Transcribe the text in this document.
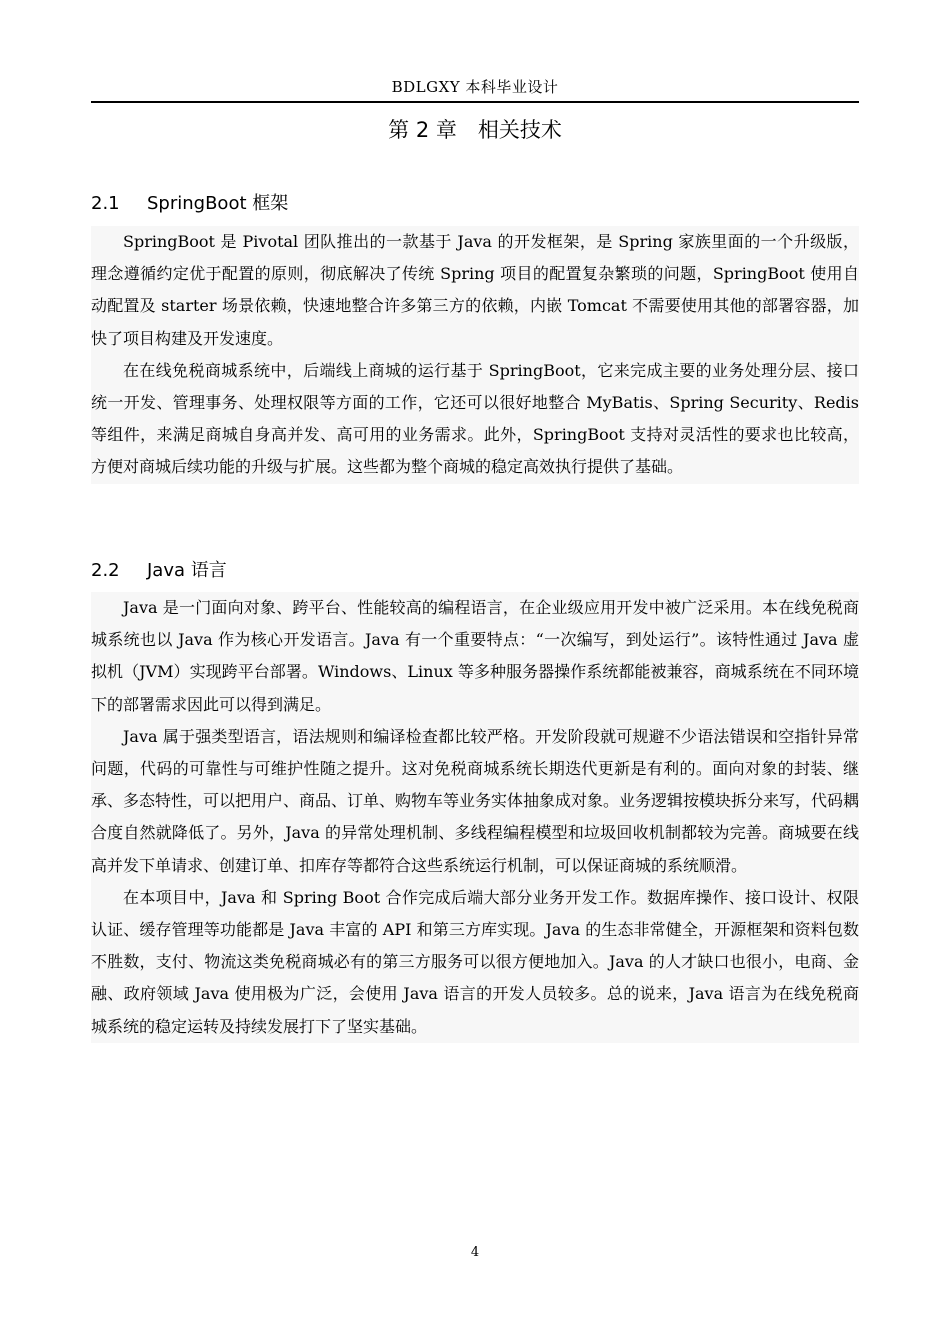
BDLGXY 本科毕业设计
第 2 章　相关技术
2.1 SpringBoot 框架

SpringBoot 是 Pivotal 团队推出的一款基于 Java 的开发框架，是 Spring 家族里面的一个升级版，理念遵循约定优于配置的原则，彻底解决了传统 Spring 项目的配置复杂繁琐的问题，SpringBoot 使用自动配置及 starter 场景依赖，快速地整合许多第三方的依赖，内嵌 Tomcat 不需要使用其他的部署容器，加快了项目构建及开发速度。

在在线免税商城系统中，后端线上商城的运行基于 SpringBoot，它来完成主要的业务处理分层、接口统一开发、管理事务、处理权限等方面的工作，它还可以很好地整合 MyBatis、Spring Security、Redis 等组件，来满足商城自身高并发、高可用的业务需求。此外，SpringBoot 支持对灵活性的要求也比较高，方便对商城后续功能的升级与扩展。这些都为整个商城的稳定高效执行提供了基础。

2.2 Java 语言

Java 是一门面向对象、跨平台、性能较高的编程语言，在企业级应用开发中被广泛采用。本在线免税商城系统也以 Java 作为核心开发语言。Java 有一个重要特点：“一次编写，到处运行”。该特性通过 Java 虚拟机（JVM）实现跨平台部署。Windows、Linux 等多种服务器操作系统都能被兼容，商城系统在不同环境下的部署需求因此可以得到满足。

Java 属于强类型语言，语法规则和编译检查都比较严格。开发阶段就可规避不少语法错误和空指针异常问题，代码的可靠性与可维护性随之提升。这对免税商城系统长期迭代更新是有利的。面向对象的封装、继承、多态特性，可以把用户、商品、订单、购物车等业务实体抽象成对象。业务逻辑按模块拆分来写，代码耦合度自然就降低了。另外，Java 的异常处理机制、多线程编程模型和垃圾回收机制都较为完善。商城要在线高并发下单请求、创建订单、扣库存等都符合这些系统运行机制，可以保证商城的系统顺滑。

在本项目中，Java 和 Spring Boot 合作完成后端大部分业务开发工作。数据库操作、接口设计、权限认证、缓存管理等功能都是 Java 丰富的 API 和第三方库实现。Java 的生态非常健全，开源框架和资料包数不胜数，支付、物流这类免税商城必有的第三方服务可以很方便地加入。Java 的人才缺口也很小，电商、金融、政府领域 Java 使用极为广泛，会使用 Java 语言的开发人员较多。总的说来，Java 语言为在线免税商城系统的稳定运转及持续发展打下了坚实基础。

4
